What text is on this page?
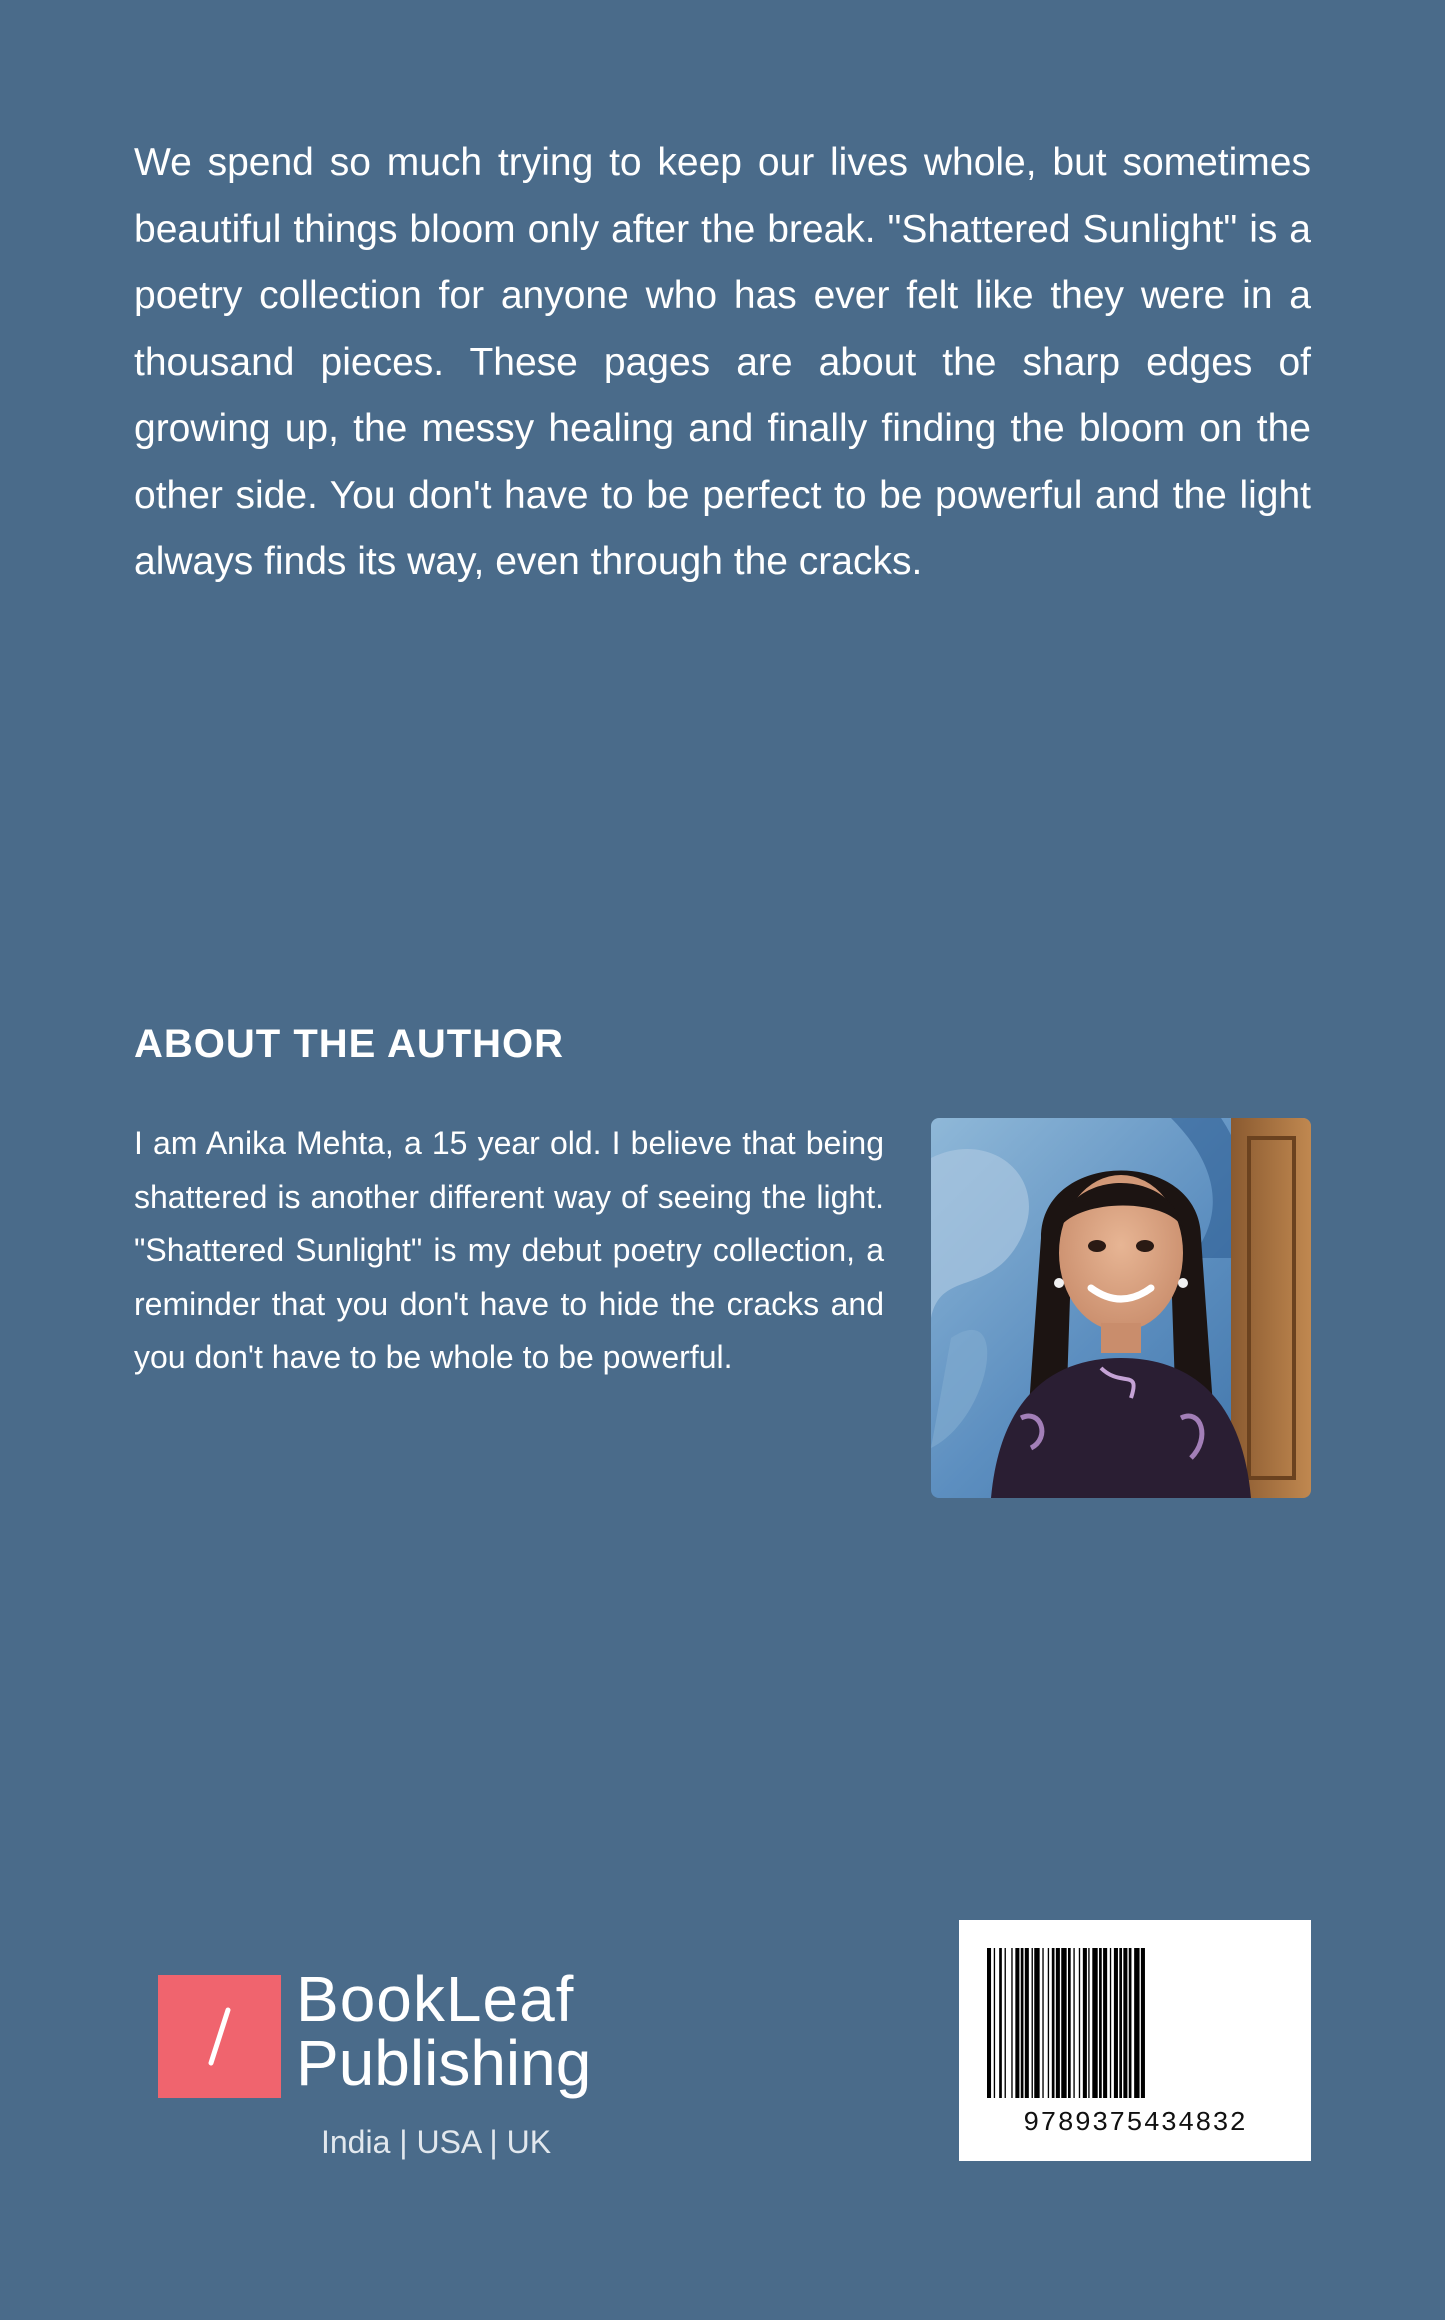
We spend so much trying to keep our lives whole, but sometimes beautiful things bloom only after the break. "Shattered Sunlight" is a poetry collection for anyone who has ever felt like they were in a thousand pieces. These pages are about the sharp edges of growing up, the messy healing and finally finding the bloom on the other side. You don't have to be perfect to be powerful and the light always finds its way, even through the cracks.

ABOUT THE AUTHOR

I am Anika Mehta, a 15 year old. I believe that being shattered is another different way of seeing the light. "Shattered Sunlight" is my debut poetry collection, a reminder that you don't have to hide the cracks and you don't have to be whole to be powerful.

BookLeaf
Publishing
India | USA | UK	9789375434832
